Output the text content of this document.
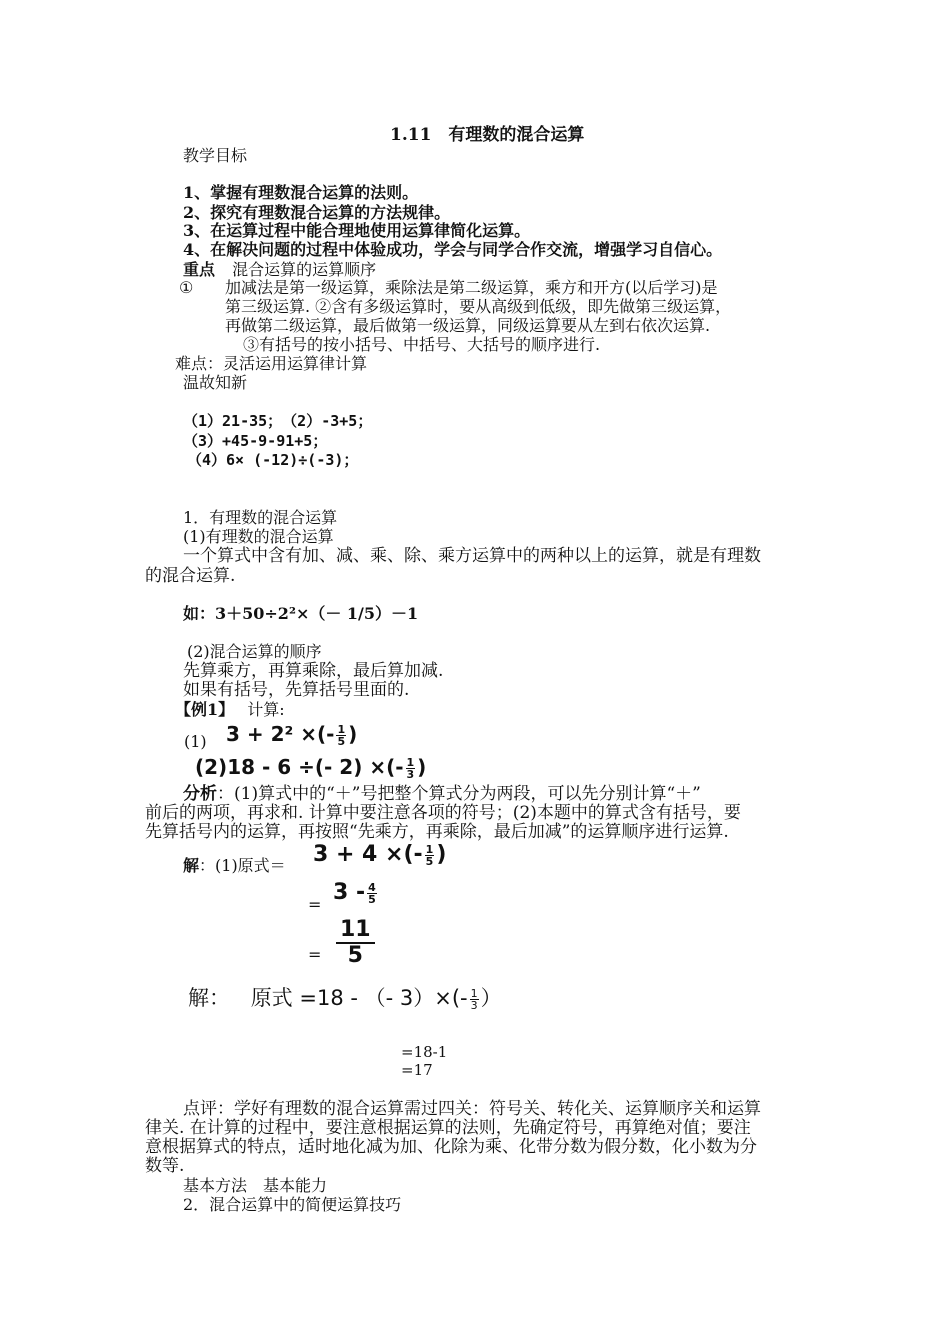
1.11　有理数的混合运算
教学目标
1、掌握有理数混合运算的法则。
2、探究有理数混合运算的方法规律。
3、在运算过程中能合理地使用运算律简化运算。
4、在解决问题的过程中体验成功，学会与同学合作交流，增强学习自信心。
重点 混合运算的运算顺序
① 加减法是第一级运算，乘除法是第二级运算，乘方和开方(以后学习)是
第三级运算. ②含有多级运算时，要从高级到低级，即先做第三级运算，
再做第二级运算，最后做第一级运算，同级运算要从左到右依次运算.
③有括号的按小括号、中括号、大括号的顺序进行.
难点：灵活运用运算律计算
温故知新
（1）21-35；　（2）-3+5；
（3）+45-9-91+5；
（4）6× (-12)÷(-3)；
1．有理数的混合运算
(1)有理数的混合运算
一个算式中含有加、减、乘、除、乘方运算中的两种以上的运算，就是有理数
的混合运算.
如：3＋50÷2²×（－ 1/5）－1
(2)混合运算的顺序
先算乘方，再算乘除，最后算加减.
如果有括号，先算括号里面的.
【例1】 计算:
(1) 3 + 2² ×(- $\frac{1}{5}$ )
(2)18 - 6 ÷(- 2) ×(- $\frac{1}{3}$ )
分析：(1)算式中的“＋”号把整个算式分为两段，可以先分别计算“＋”
前后的两项，再求和. 计算中要注意各项的符号；(2)本题中的算式含有括号，要
先算括号内的运算，再按照“先乘方，再乘除，最后加减”的运算顺序进行运算.
解：(1)原式＝ 3 + 4 ×(- $\frac{1}{5}$ )
= $3 - \frac{4}{5}$
=
11
5
解： 原式 =18 - （- $3)\times(- \frac{1}{3}$ ）
=18-1
=17
点评：学好有理数的混合运算需过四关：符号关、转化关、运算顺序关和运算
律关. 在计算的过程中，要注意根据运算的法则，先确定符号，再算绝对值；要注
意根据算式的特点，适时地化减为加、化除为乘、化带分数为假分数，化小数为分
数等.
基本方法　基本能力
2．混合运算中的简便运算技巧
